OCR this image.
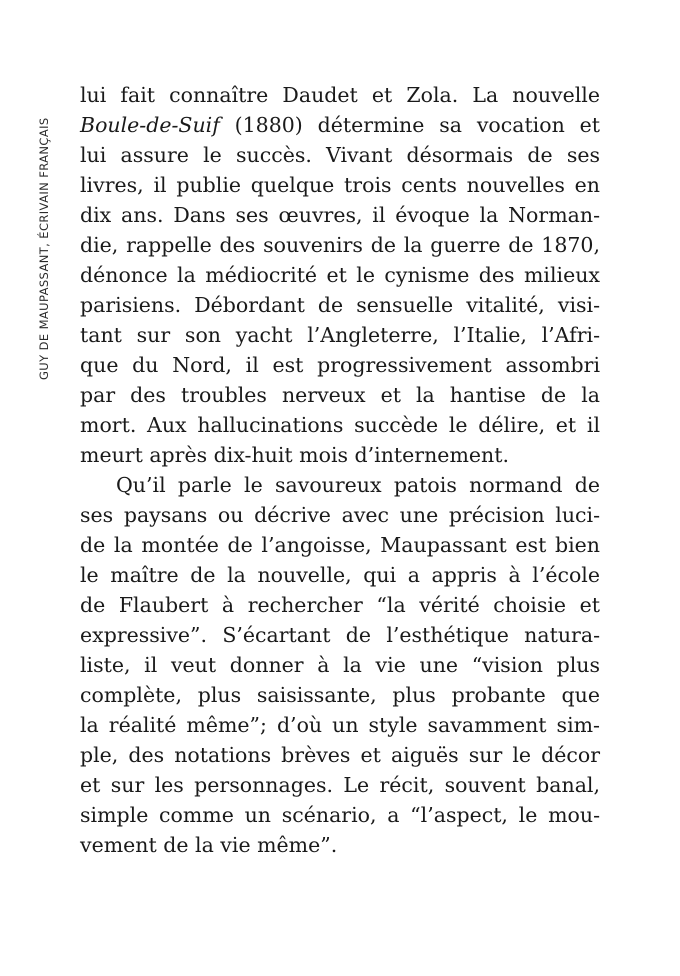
GUY DE MAUPASSANT, ÉCRIVAIN FRANÇAIS
lui fait connaître Daudet et Zola. La nouvelle
Boule-de-Suif (1880) détermine sa vocation et
lui assure le succès. Vivant désormais de ses
livres, il publie quelque trois cents nouvelles en
dix ans. Dans ses œuvres, il évoque la Norman-
die, rappelle des souvenirs de la guerre de 1870,
dénonce la médiocrité et le cynisme des milieux
parisiens. Débordant de sensuelle vitalité, visi-
tant sur son yacht l’Angleterre, l’Italie, l’Afri-
que du Nord, il est progressivement assombri
par des troubles nerveux et la hantise de la
mort. Aux hallucinations succède le délire, et il
meurt après dix-huit mois d’internement.
Qu’il parle le savoureux patois normand de
ses paysans ou décrive avec une précision luci-
de la montée de l’angoisse, Maupassant est bien
le maître de la nouvelle, qui a appris à l’école
de Flaubert à rechercher “la vérité choisie et
expressive”. S’écartant de l’esthétique natura-
liste, il veut donner à la vie une “vision plus
complète, plus saisissante, plus probante que
la réalité même”; d’où un style savamment sim-
ple, des notations brèves et aiguës sur le décor
et sur les personnages. Le récit, souvent banal,
simple comme un scénario, a “l’aspect, le mou-
vement de la vie même”.
